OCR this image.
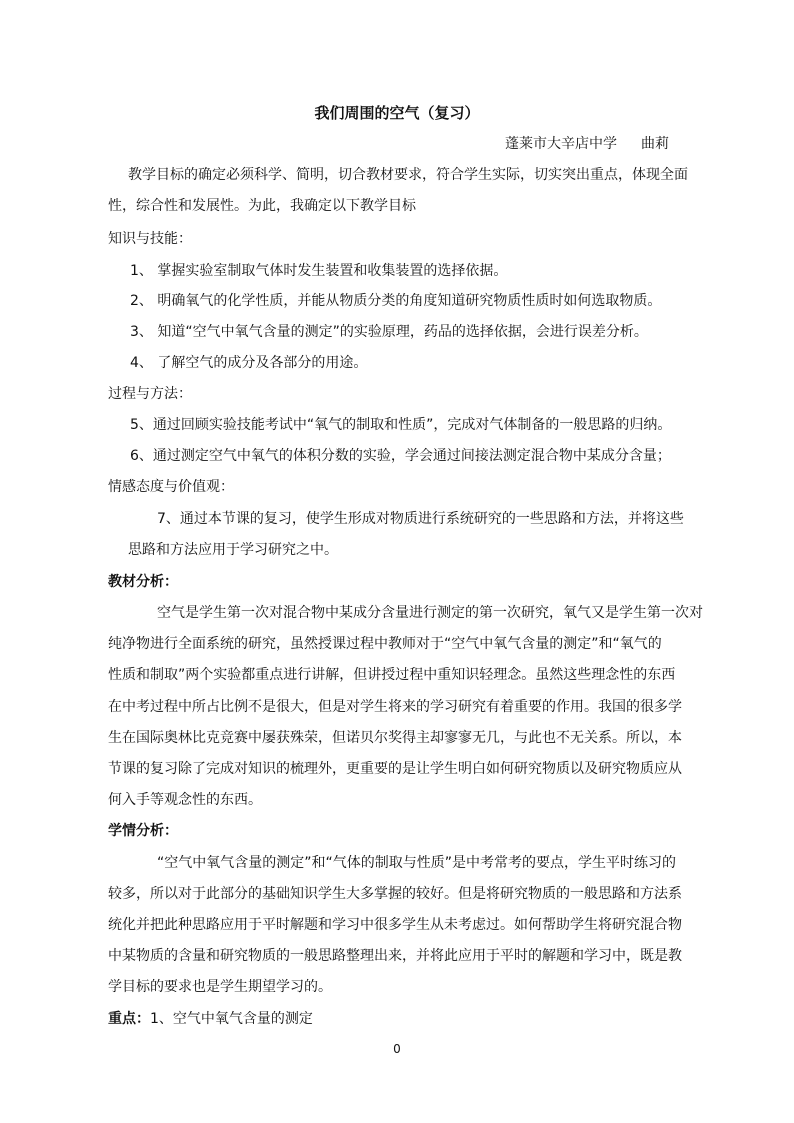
我们周围的空气（复习）
蓬莱市大辛店中学 曲莉
教学目标的确定必须科学、简明，切合教材要求，符合学生实际，切实突出重点，体现全面
性，综合性和发展性。为此，我确定以下教学目标
知识与技能：
1、 掌握实验室制取气体时发生装置和收集装置的选择依据。
2、 明确氧气的化学性质，并能从物质分类的角度知道研究物质性质时如何选取物质。
3、 知道“空气中氧气含量的测定”的实验原理，药品的选择依据，会进行误差分析。
4、 了解空气的成分及各部分的用途。
过程与方法：
5、通过回顾实验技能考试中“氧气的制取和性质”，完成对气体制备的一般思路的归纳。
6、通过测定空气中氧气的体积分数的实验，学会通过间接法测定混合物中某成分含量；
情感态度与价值观：
7、通过本节课的复习，使学生形成对物质进行系统研究的一些思路和方法，并将这些
思路和方法应用于学习研究之中。
教材分析：
空气是学生第一次对混合物中某成分含量进行测定的第一次研究，氧气又是学生第一次对
纯净物进行全面系统的研究，虽然授课过程中教师对于“空气中氧气含量的测定”和“氧气的
性质和制取”两个实验都重点进行讲解，但讲授过程中重知识轻理念。虽然这些理念性的东西
在中考过程中所占比例不是很大，但是对学生将来的学习研究有着重要的作用。我国的很多学
生在国际奥林比克竞赛中屡获殊荣，但诺贝尔奖得主却寥寥无几，与此也不无关系。所以，本
节课的复习除了完成对知识的梳理外，更重要的是让学生明白如何研究物质以及研究物质应从
何入手等观念性的东西。
学情分析：
“空气中氧气含量的测定”和“气体的制取与性质”是中考常考的要点，学生平时练习的
较多，所以对于此部分的基础知识学生大多掌握的较好。但是将研究物质的一般思路和方法系
统化并把此种思路应用于平时解题和学习中很多学生从未考虑过。如何帮助学生将研究混合物
中某物质的含量和研究物质的一般思路整理出来，并将此应用于平时的解题和学习中，既是教
学目标的要求也是学生期望学习的。
重点：1、空气中氧气含量的测定
0
